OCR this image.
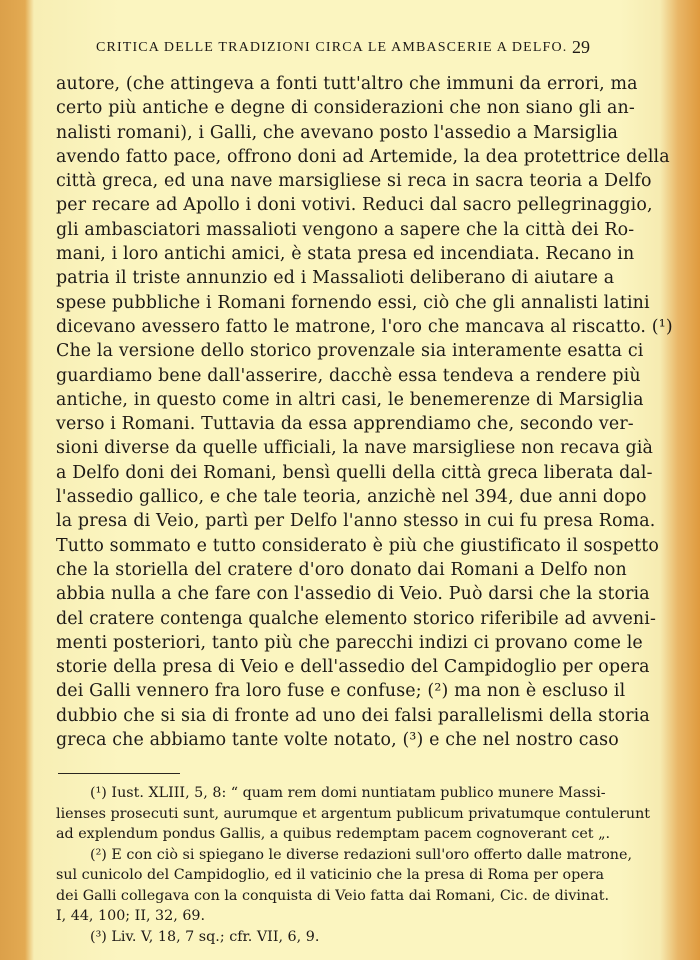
CRITICA DELLE TRADIZIONI CIRCA LE AMBASCERIE A DELFO. 29
autore, (che attingeva a fonti tutt'altro che immuni da errori, ma
certo più antiche e degne di considerazioni che non siano gli an-
nalisti romani), i Galli, che avevano posto l'assedio a Marsiglia
avendo fatto pace, offrono doni ad Artemide, la dea protettrice della
città greca, ed una nave marsigliese si reca in sacra teoria a Delfo
per recare ad Apollo i doni votivi. Reduci dal sacro pellegrinaggio,
gli ambasciatori massalioti vengono a sapere che la città dei Ro-
mani, i loro antichi amici, è stata presa ed incendiata. Recano in
patria il triste annunzio ed i Massalioti deliberano di aiutare a
spese pubbliche i Romani fornendo essi, ciò che gli annalisti latini
dicevano avessero fatto le matrone, l'oro che mancava al riscatto. (¹)
Che la versione dello storico provenzale sia interamente esatta ci
guardiamo bene dall'asserire, dacchè essa tendeva a rendere più
antiche, in questo come in altri casi, le benemerenze di Marsiglia
verso i Romani. Tuttavia da essa apprendiamo che, secondo ver-
sioni diverse da quelle ufficiali, la nave marsigliese non recava già
a Delfo doni dei Romani, bensì quelli della città greca liberata dal-
l'assedio gallico, e che tale teoria, anzichè nel 394, due anni dopo
la presa di Veio, partì per Delfo l'anno stesso in cui fu presa Roma.
Tutto sommato e tutto considerato è più che giustificato il sospetto
che la storiella del cratere d'oro donato dai Romani a Delfo non
abbia nulla a che fare con l'assedio di Veio. Può darsi che la storia
del cratere contenga qualche elemento storico riferibile ad avveni-
menti posteriori, tanto più che parecchi indizi ci provano come le
storie della presa di Veio e dell'assedio del Campidoglio per opera
dei Galli vennero fra loro fuse e confuse; (²) ma non è escluso il
dubbio che si sia di fronte ad uno dei falsi parallelismi della storia
greca che abbiamo tante volte notato, (³) e che nel nostro caso
(¹) Iust. XLIII, 5, 8: “ quam rem domi nuntiatam publico munere Massi-
lienses prosecuti sunt, aurumque et argentum publicum privatumque contulerunt
ad explendum pondus Gallis, a quibus redemptam pacem cognoverant cet „.
(²) E con ciò si spiegano le diverse redazioni sull'oro offerto dalle matrone,
sul cunicolo del Campidoglio, ed il vaticinio che la presa di Roma per opera
dei Galli collegava con la conquista di Veio fatta dai Romani, Cic. de divinat.
I, 44, 100; II, 32, 69.
(³) Liv. V, 18, 7 sq.; cfr. VII, 6, 9.
